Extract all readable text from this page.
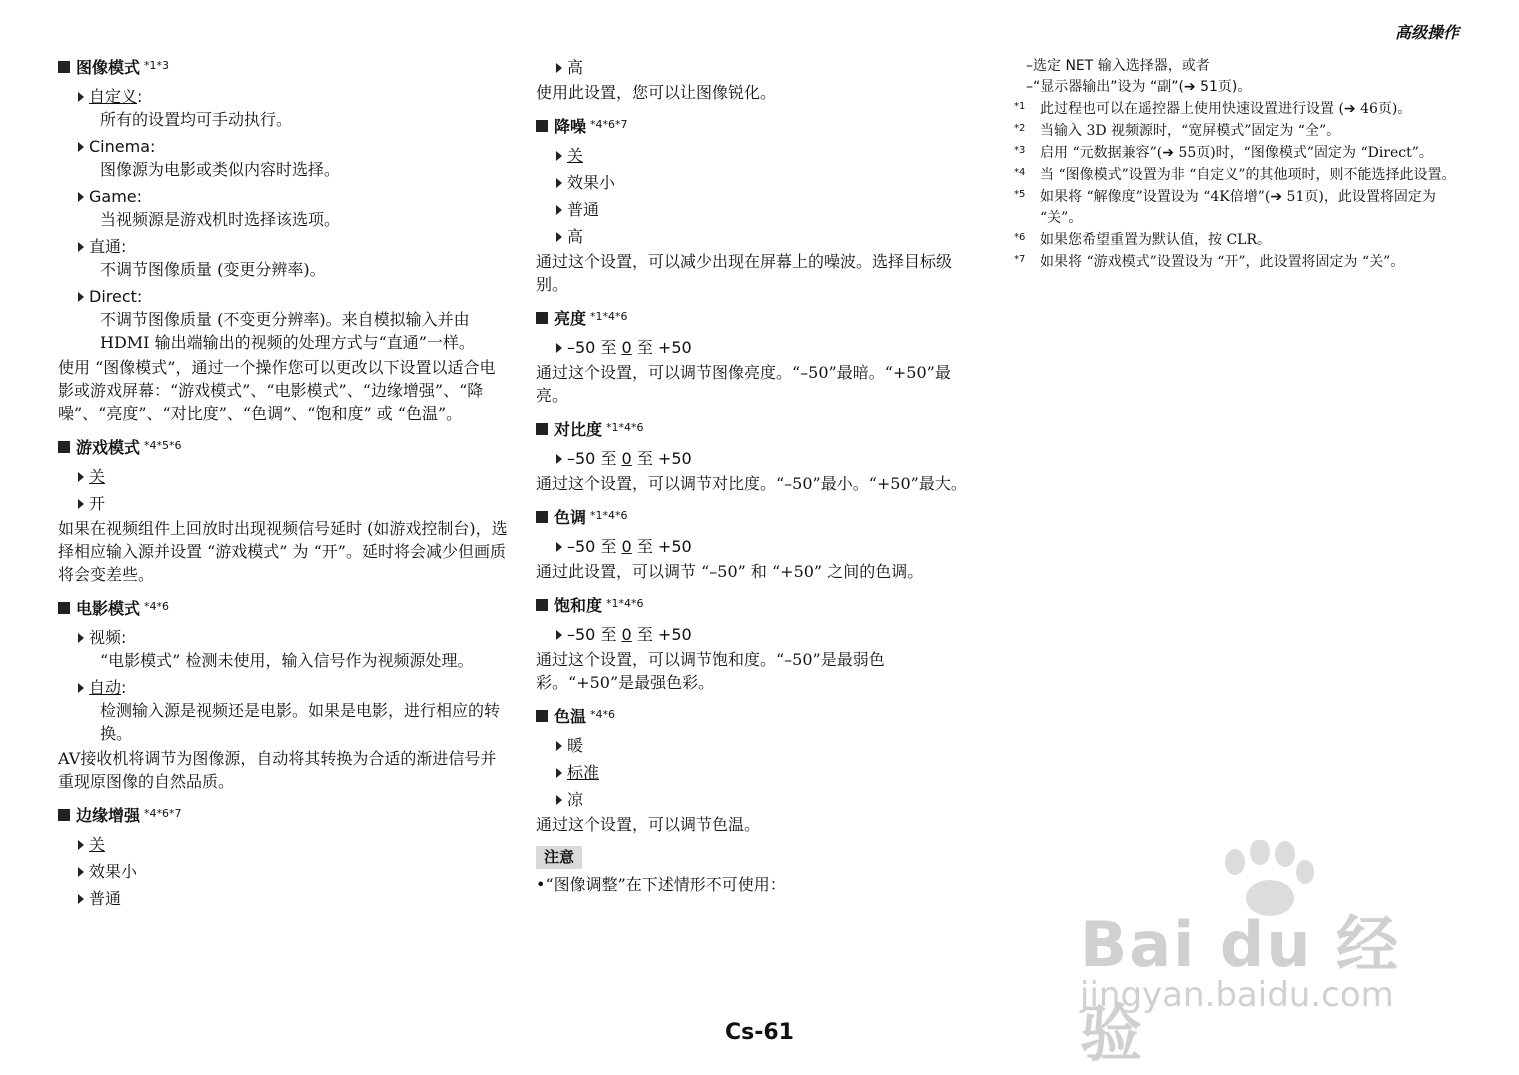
高级操作
图像模式 *1*3
自定义 :
所有的设置均可手动执行。
Cinema :
图像源为电影或类似内容时选择。
Game :
当视频源是游戏机时选择该选项。
直通 :
不调节图像质量 (变更分辨率)。
Direct :
不调节图像质量 (不变更分辨率)。来自模拟输入并由 HDMI 输出端输出的视频的处理方式与“直通”一样。
使用 “图像模式”，通过一个操作您可以更改以下设置以适合电影或游戏屏幕：“游戏模式”、“电影模式”、“边缘增强”、“降噪”、“亮度”、“对比度”、“色调”、“饱和度” 或 “色温”。
游戏模式 *4*5*6
关
开
如果在视频组件上回放时出现视频信号延时 (如游戏控制台)，选择相应输入源并设置 “游戏模式” 为 “开”。延时将会减少但画质将会变差些。
电影模式 *4*6
视频 :
“电影模式” 检测未使用，输入信号作为视频源处理。
自动 :
检测输入源是视频还是电影。如果是电影，进行相应的转换。
AV接收机将调节为图像源，自动将其转换为合适的渐进信号并重现原图像的自然品质。
边缘增强 *4*6*7
关
效果小
普通
高
使用此设置，您可以让图像锐化。
降噪 *4*6*7
关
效果小
普通
高
通过这个设置，可以减少出现在屏幕上的噪波。选择目标级别。
亮度 *1*4*6
–50 至
0
至 +50
通过这个设置，可以调节图像亮度。“–50”最暗。“+50”最亮。
对比度 *1*4*6
–50 至
0
至 +50
通过这个设置，可以调节对比度。“–50”最小。“+50”最大。
色调 *1*4*6
–50 至
0
至 +50
通过此设置，可以调节 “–50” 和 “+50” 之间的色调。
饱和度 *1*4*6
–50 至
0
至 +50
通过这个设置，可以调节饱和度。“–50”是最弱色彩。“+50”是最强色彩。
色温 *4*6
暖
标准
凉
通过这个设置，可以调节色温。
注意
•“图像调整”在下述情形不可使用：
–选定 NET 输入选择器，或者
–“显示器输出”设为 “副”(➔ 51页)。
*1	此过程也可以在遥控器上使用快速设置进行设置 (➔ 46页)。
*2	当输入 3D 视频源时，“宽屏模式”固定为 “全”。
*3	启用 “元数据兼容”(➔ 55页)时，“图像模式”固定为 “Direct”。
*4	当 “图像模式”设置为非 “自定义”的其他项时，则不能选择此设置。
*5	如果将 “解像度”设置设为 “4K倍增”(➔ 51页)，此设置将固定为 “关”。
*6	如果您希望重置为默认值，按 CLR。
*7	如果将 “游戏模式”设置设为 “开”，此设置将固定为 “关”。
Bai du 经验
jingyan.baidu.com
Cs-61
